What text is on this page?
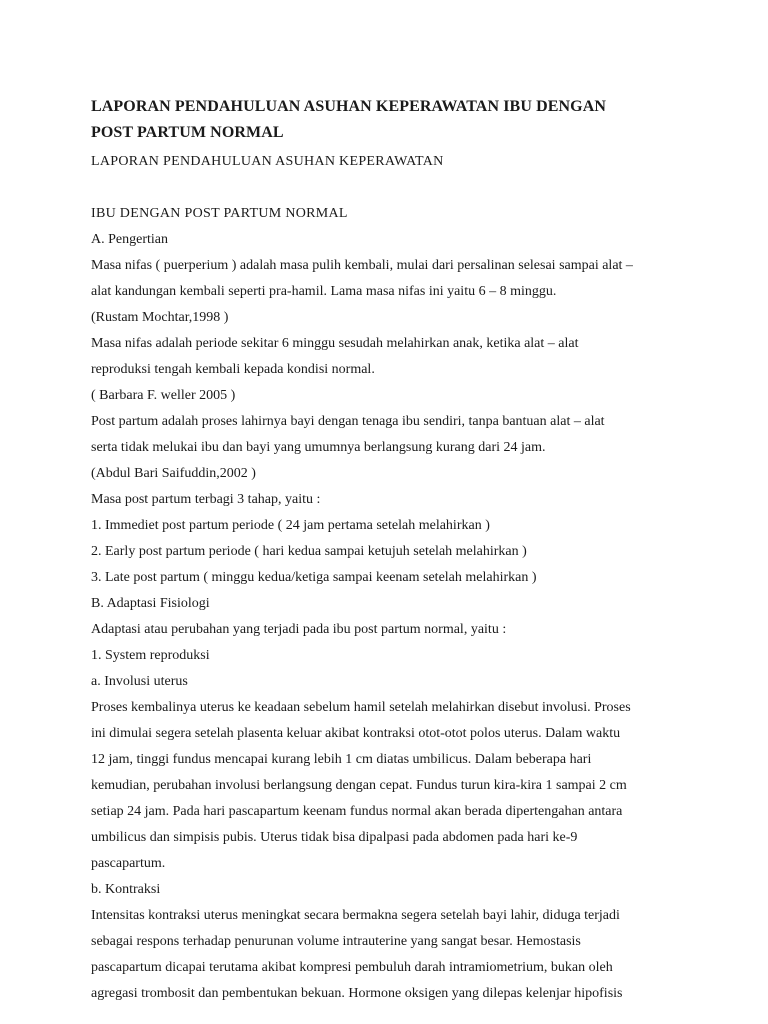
LAPORAN PENDAHULUAN ASUHAN KEPERAWATAN IBU DENGAN
POST PARTUM NORMAL
LAPORAN PENDAHULUAN ASUHAN KEPERAWATAN
IBU DENGAN POST PARTUM NORMAL
A. Pengertian
Masa nifas ( puerperium ) adalah masa pulih kembali, mulai dari persalinan selesai sampai alat –
alat kandungan kembali seperti pra-hamil. Lama masa nifas ini yaitu 6 – 8 minggu.
(Rustam Mochtar,1998 )
Masa nifas adalah periode sekitar 6 minggu sesudah melahirkan anak, ketika alat – alat
reproduksi tengah kembali kepada kondisi normal.
( Barbara F. weller 2005 )
Post partum adalah proses lahirnya bayi dengan tenaga ibu sendiri, tanpa bantuan alat – alat
serta tidak melukai ibu dan bayi yang umumnya berlangsung kurang dari 24 jam.
(Abdul Bari Saifuddin,2002 )
Masa post partum terbagi 3 tahap, yaitu :
1. Immediet post partum periode ( 24 jam pertama setelah melahirkan )
2. Early post partum periode ( hari kedua sampai ketujuh setelah melahirkan )
3. Late post partum ( minggu kedua/ketiga sampai keenam setelah melahirkan )
B. Adaptasi Fisiologi
Adaptasi atau perubahan yang terjadi pada ibu post partum normal, yaitu :
1. System reproduksi
a. Involusi uterus
Proses kembalinya uterus ke keadaan sebelum hamil setelah melahirkan disebut involusi. Proses
ini dimulai segera setelah plasenta keluar akibat kontraksi otot-otot polos uterus. Dalam waktu
12 jam, tinggi fundus mencapai kurang lebih 1 cm diatas umbilicus. Dalam beberapa hari
kemudian, perubahan involusi berlangsung dengan cepat. Fundus turun kira-kira 1 sampai 2 cm
setiap 24 jam. Pada hari pascapartum keenam fundus normal akan berada dipertengahan antara
umbilicus dan simpisis pubis. Uterus tidak bisa dipalpasi pada abdomen pada hari ke-9
pascapartum.
b. Kontraksi
Intensitas kontraksi uterus meningkat secara bermakna segera setelah bayi lahir, diduga terjadi
sebagai respons terhadap penurunan volume intrauterine yang sangat besar. Hemostasis
pascapartum dicapai terutama akibat kompresi pembuluh darah intramiometrium, bukan oleh
agregasi trombosit dan pembentukan bekuan. Hormone oksigen yang dilepas kelenjar hipofisis
